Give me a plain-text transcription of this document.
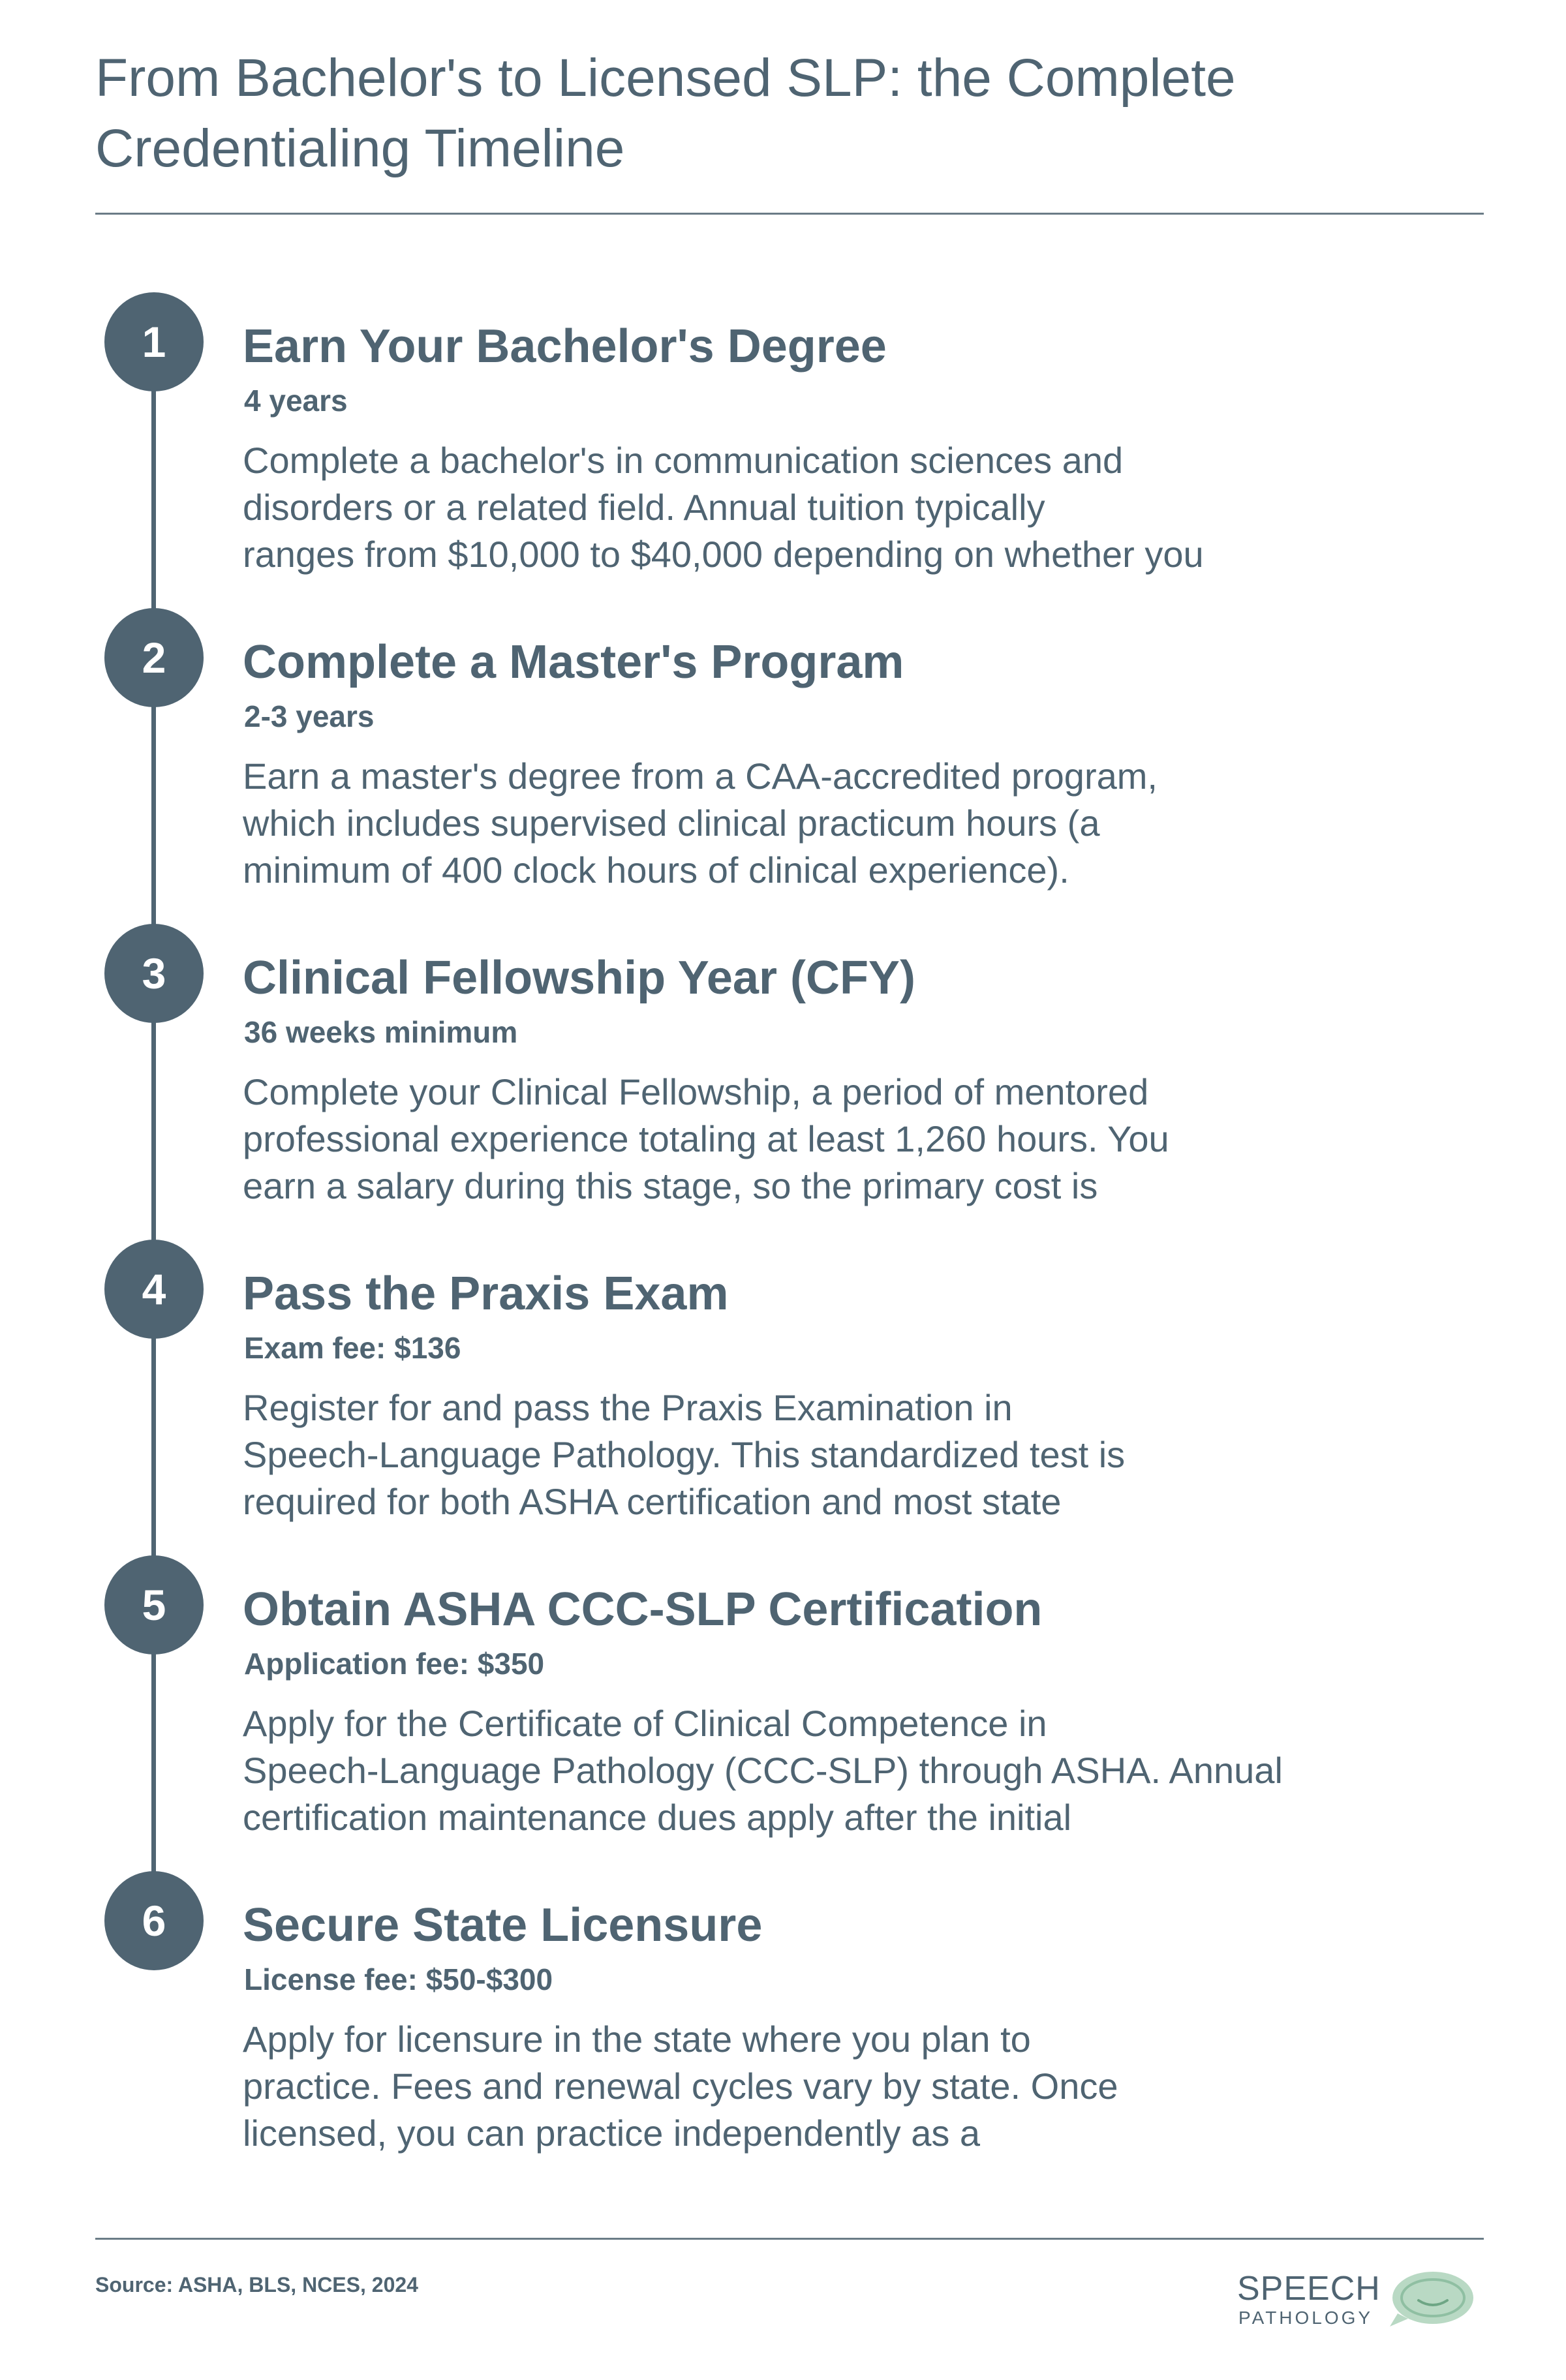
From Bachelor's to Licensed SLP: the Complete Credentialing Timeline
1	Earn Your Bachelor's Degree
4 years
Complete a bachelor's in communication sciences and
disorders or a related field. Annual tuition typically
ranges from $10,000 to $40,000 depending on whether you
2	Complete a Master's Program
2-3 years
Earn a master's degree from a CAA-accredited program,
which includes supervised clinical practicum hours (a
minimum of 400 clock hours of clinical experience).
3	Clinical Fellowship Year (CFY)
36 weeks minimum
Complete your Clinical Fellowship, a period of mentored
professional experience totaling at least 1,260 hours. You
earn a salary during this stage, so the primary cost is
4	Pass the Praxis Exam
Exam fee: $136
Register for and pass the Praxis Examination in
Speech-Language Pathology. This standardized test is
required for both ASHA certification and most state
5	Obtain ASHA CCC-SLP Certification
Application fee: $350
Apply for the Certificate of Clinical Competence in
Speech-Language Pathology (CCC-SLP) through ASHA. Annual
certification maintenance dues apply after the initial
6	Secure State Licensure
License fee: $50-$300
Apply for licensure in the state where you plan to
practice. Fees and renewal cycles vary by state. Once
licensed, you can practice independently as a
Source: ASHA, BLS, NCES, 2024	SPEECH
PATHOLOGY
